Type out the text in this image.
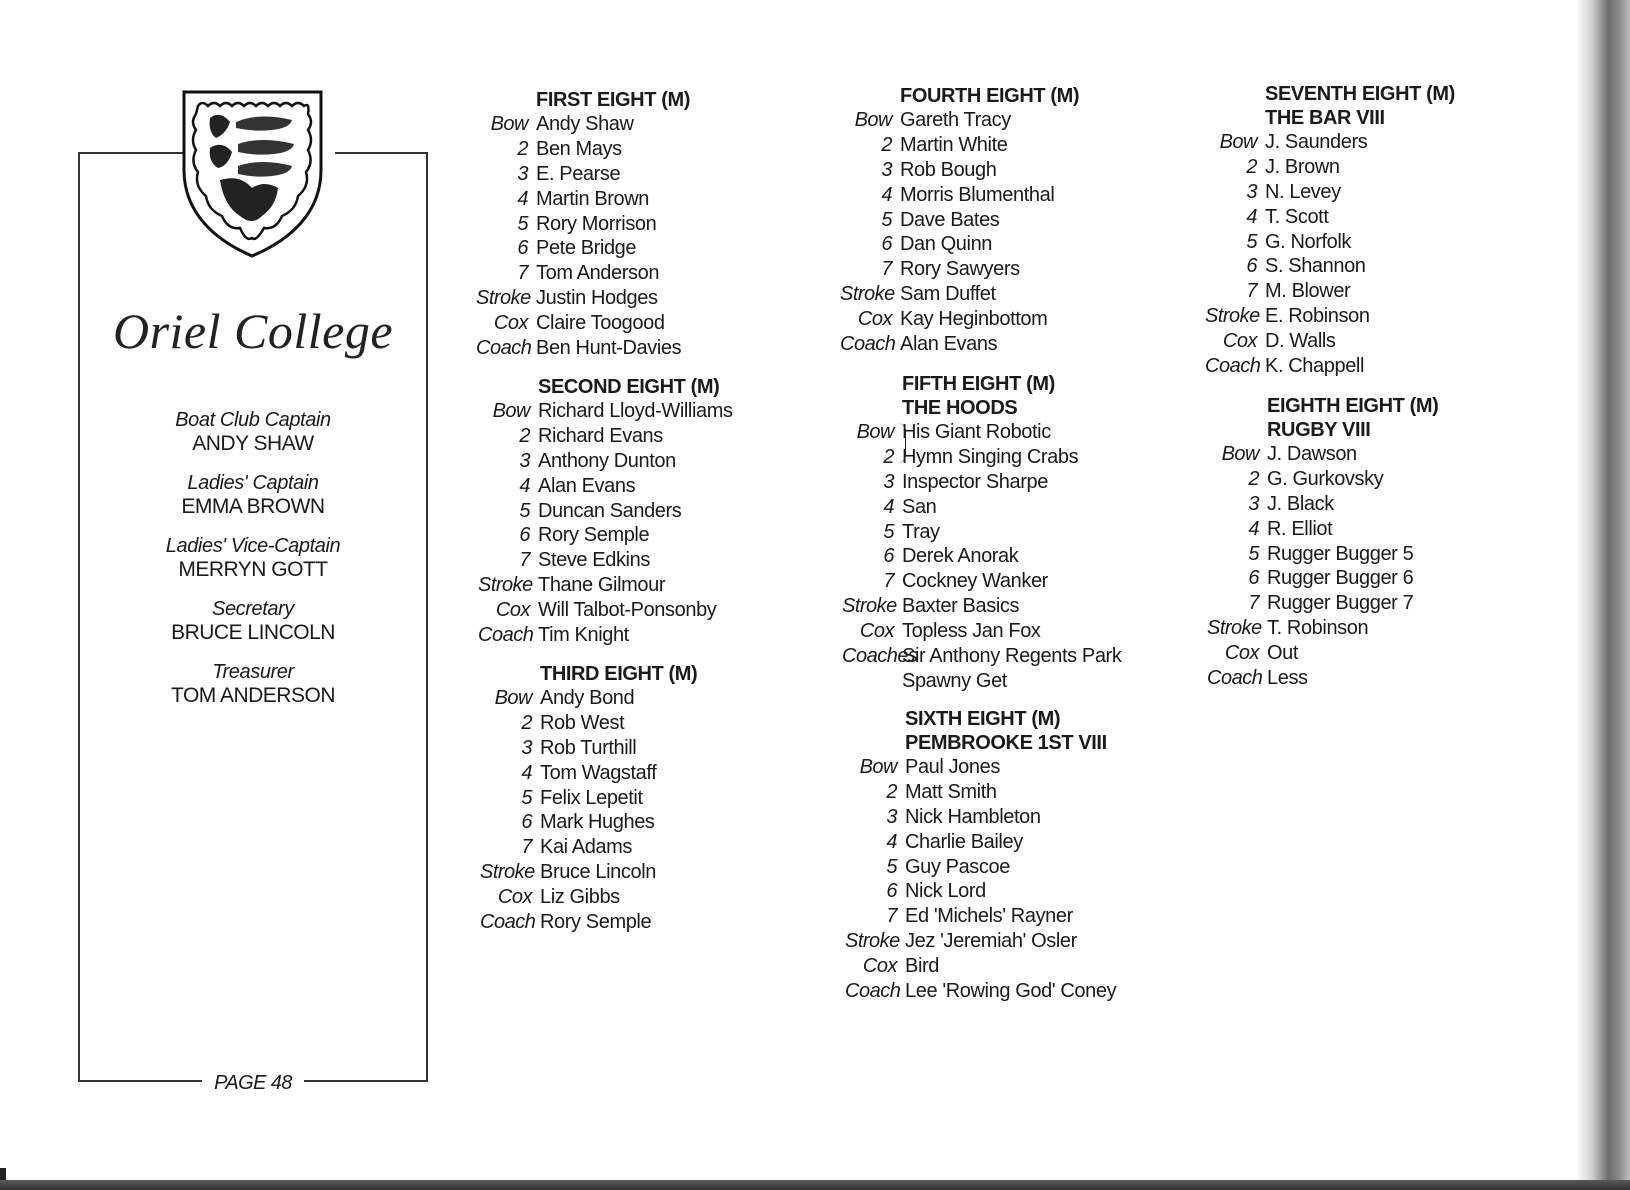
Oriel College
Boat Club Captain
ANDY SHAW
Ladies' Captain
EMMA BROWN
Ladies' Vice-Captain
MERRYN GOTT
Secretary
BRUCE LINCOLN
Treasurer
TOM ANDERSON
PAGE 48
FIRST EIGHT (M)
Bow Andy Shaw
2 Ben Mays
3 E. Pearse
4 Martin Brown
5 Rory Morrison
6 Pete Bridge
7 Tom Anderson
Stroke Justin Hodges
Cox Claire Toogood
Coach Ben Hunt-Davies
SECOND EIGHT (M)
Bow Richard Lloyd-Williams
2 Richard Evans
3 Anthony Dunton
4 Alan Evans
5 Duncan Sanders
6 Rory Semple
7 Steve Edkins
Stroke Thane Gilmour
Cox Will Talbot-Ponsonby
Coach Tim Knight
THIRD EIGHT (M)
Bow Andy Bond
2 Rob West
3 Rob Turthill
4 Tom Wagstaff
5 Felix Lepetit
6 Mark Hughes
7 Kai Adams
Stroke Bruce Lincoln
Cox Liz Gibbs
Coach Rory Semple
FOURTH EIGHT (M)
Bow Gareth Tracy
2 Martin White
3 Rob Bough
4 Morris Blumenthal
5 Dave Bates
6 Dan Quinn
7 Rory Sawyers
Stroke Sam Duffet
Cox Kay Heginbottom
Coach Alan Evans
FIFTH EIGHT (M)
THE HOODS
Bow His Giant Robotic
2 Hymn Singing Crabs
3 Inspector Sharpe
4 San
5 Tray
6 Derek Anorak
7 Cockney Wanker
Stroke Baxter Basics
Cox Topless Jan Fox
Coaches
Sir Anthony Regents Park
Spawny Get
SIXTH EIGHT (M)
PEMBROOKE 1ST VIII
Bow Paul Jones
2 Matt Smith
3 Nick Hambleton
4 Charlie Bailey
5 Guy Pascoe
6 Nick Lord
7 Ed 'Michels' Rayner
Stroke Jez 'Jeremiah' Osler
Cox Bird
Coach Lee 'Rowing God' Coney
SEVENTH EIGHT (M)
THE BAR VIII
Bow J. Saunders
2 J. Brown
3 N. Levey
4 T. Scott
5 G. Norfolk
6 S. Shannon
7 M. Blower
Stroke E. Robinson
Cox D. Walls
Coach K. Chappell
EIGHTH EIGHT (M)
RUGBY VIII
Bow J. Dawson
2 G. Gurkovsky
3 J. Black
4 R. Elliot
5 Rugger Bugger 5
6 Rugger Bugger 6
7 Rugger Bugger 7
Stroke T. Robinson
Cox Out
Coach Less
